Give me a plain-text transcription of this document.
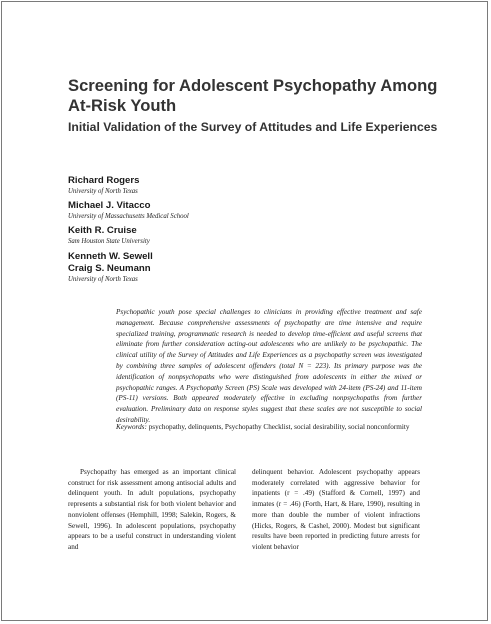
Screening for Adolescent Psychopathy Among At-Risk Youth
Initial Validation of the Survey of Attitudes and Life Experiences
Richard Rogers
University of North Texas
Michael J. Vitacco
University of Massachusetts Medical School
Keith R. Cruise
Sam Houston State University
Kenneth W. Sewell
Craig S. Neumann
University of North Texas

Psychopathic youth pose special challenges to clinicians in providing effective treatment and safe management. Because comprehensive assessments of psychopathy are time intensive and require specialized training, programmatic research is needed to develop time-efficient and useful screens that eliminate from further consideration acting-out adolescents who are unlikely to be psychopathic. The clinical utility of the Survey of Attitudes and Life Experiences as a psychopathy screen was investigated by combining three samples of adolescent offenders (total N = 223). Its primary purpose was the identification of nonpsychopaths who were distinguished from adolescents in either the mixed or psychopathic ranges. A Psychopathy Screen (PS) Scale was developed with 24-item (PS-24) and 11-item (PS-11) versions. Both appeared moderately effective in excluding nonpsychopaths from further evaluation. Preliminary data on response styles suggest that these scales are not susceptible to social desirability.

Keywords: psychopathy, delinquents, Psychopathy Checklist, social desirability, social nonconformity

Psychopathy has emerged as an important clinical construct for risk assessment among antisocial adults and delinquent youth. In adult populations, psychopathy represents a substantial risk for both violent behavior and nonviolent offenses (Hemphill, 1998; Salekin, Rogers, & Sewell, 1996). In adolescent populations, psychopathy appears to be a useful construct in understanding violent and

delinquent behavior. Adolescent psychopathy appears moderately correlated with aggressive behavior for inpatients (r = .49) (Stafford & Cornell, 1997) and inmates (r = .46) (Forth, Hart, & Hare, 1990), resulting in more than double the number of violent infractions (Hicks, Rogers, & Cashel, 2000). Modest but significant results have been reported in predicting future arrests for violent behavior
